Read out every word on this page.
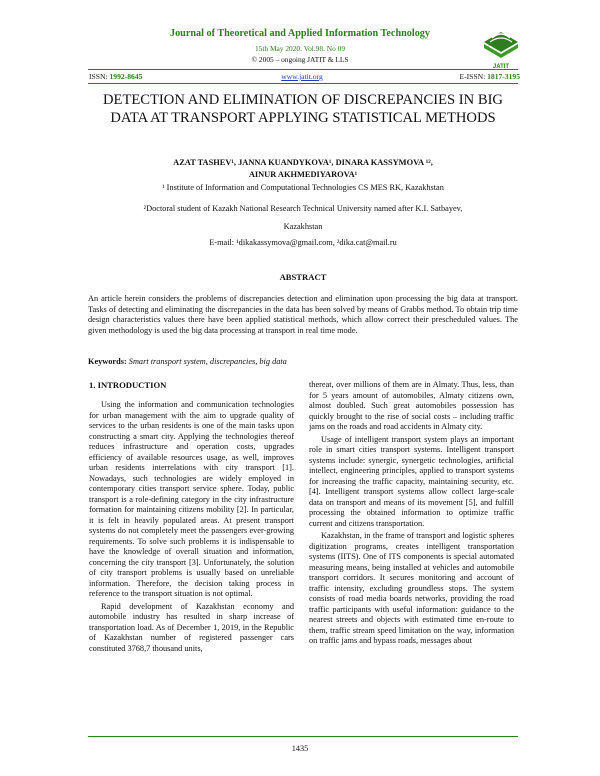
Journal of Theoretical and Applied Information Technology
15th May 2020. Vol.98. No 09
© 2005 – ongoing JATIT & LLS
JATIT
ISSN: 1992-8645	www.jatit.org	E-ISSN: 1817-3195
DETECTION AND ELIMINATION OF DISCREPANCIES IN BIG DATA AT TRANSPORT APPLYING STATISTICAL METHODS
AZAT TASHEV¹, JANNA KUANDYKOVA¹, DINARA KASSYMOVA ¹²,
AINUR AKHMEDIYAROVA¹
¹ Institute of Information and Computational Technologies CS MES RK, Kazakhstan
²Doctoral student of Kazakh National Research Technical University named after K.I. Satbayev,
Kazakhstan
E-mail: ¹dikakassymova@gmail.com, ²dika.cat@mail.ru
ABSTRACT
An article herein considers the problems of discrepancies detection and elimination upon processing the big data at transport. Tasks of detecting and eliminating the discrepancies in the data has been solved by means of Grabbs method. To obtain trip time design characteristics values there have been applied statistical methods, which allow correct their prescheduled values. The given methodology is used the big data processing at transport in real time mode.
Keywords: Smart transport system, discrepancies, big data
1. INTRODUCTION

Using the information and communication technologies for urban management with the aim to upgrade quality of services to the urban residents is one of the main tasks upon constructing a smart city. Applying the technologies thereof reduces infrastructure and operation costs, upgrades efficiency of available resources usage, as well, improves urban residents interrelations with city transport [1]. Nowadays, such technologies are widely employed in contemporary cities transport service sphere. Today, public transport is a role-defining category in the city infrastructure formation for maintaining citizens mobility [2]. In particular, it is felt in heavily populated areas. At present transport systems do not completely meet the passengers ever-growing requirements. To solve such problems it is indispensable to have the knowledge of overall situation and information, concerning the city transport [3]. Unfortunately, the solution of city transport problems is usually based on unreliable information. Therefore, the decision taking process in reference to the transport situation is not optimal.

Rapid development of Kazakhstan economy and automobile industry has resulted in sharp increase of transportation load. As of December 1, 2019, in the Republic of Kazakhstan number of registered passenger cars constituted 3768,7 thousand units,

thereat, over millions of them are in Almaty. Thus, less, than for 5 years amount of automobiles, Almaty citizens own, almost doubled. Such great automobiles possession has quickly brought to the rise of social costs – including traffic jams on the roads and road accidents in Almaty city.

Usage of intelligent transport system plays an important role in smart cities transport systems. Intelligent transport systems include: synergic, synergetic technologies, artificial intellect, engineering principles, applied to transport systems for increasing the traffic capacity, maintaining security, etc. [4]. Intelligent transport systems allow collect large-scale data on transport and means of its movement [5], and fulfill processing the obtained information to optimize traffic current and citizens transportation.

Kazakhstan, in the frame of transport and logistic spheres digitization programs, creates intelligent transportation systems (IITS). One of ITS components is special automated measuring means, being installed at vehicles and automobile transport corridors. It secures monitoring and account of traffic intensity, excluding groundless stops. The system consists of road media boards networks, providing the road traffic participants with useful information: guidance to the nearest streets and objects with estimated time en-route to them, traffic stream speed limitation on the way, information on traffic jams and bypass roads, messages about

1435
